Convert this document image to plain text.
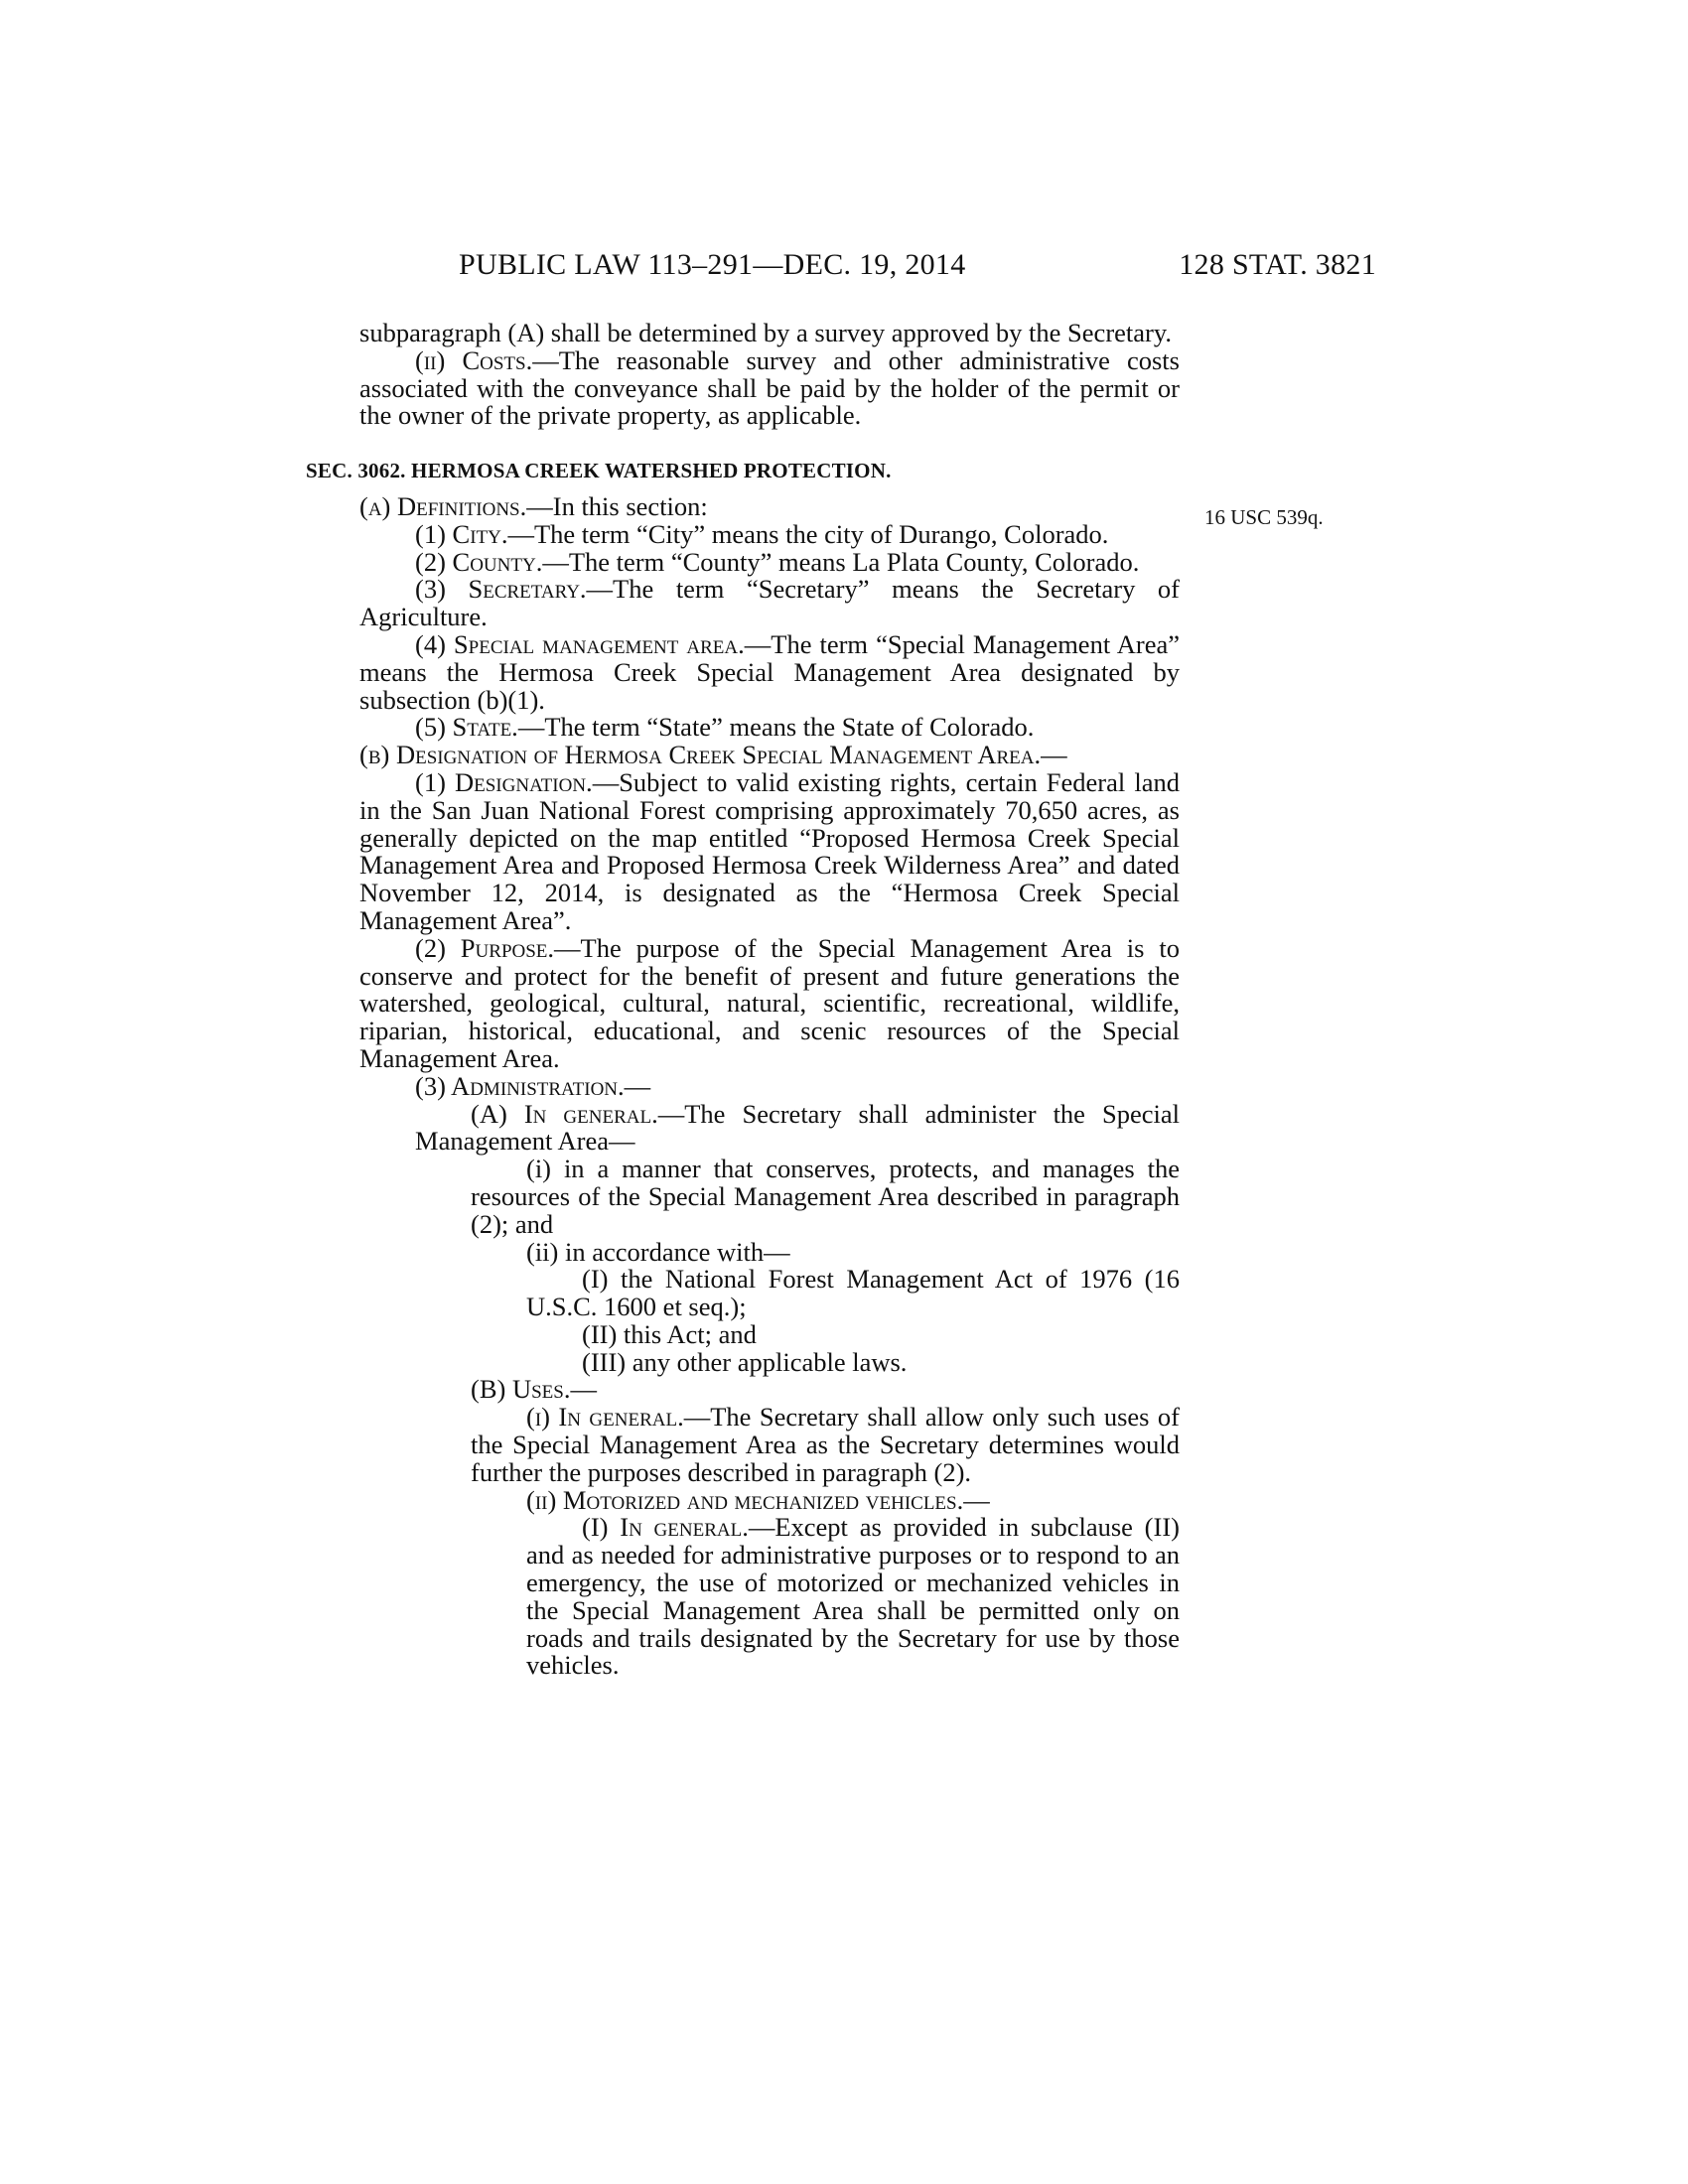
PUBLIC LAW 113–291—DEC. 19, 2014	128 STAT. 3821
16 USC 539q.

subparagraph (A) shall be determined by a survey approved by the Secretary.

(ii) Costs.—The reasonable survey and other administrative costs associated with the conveyance shall be paid by the holder of the permit or the owner of the private property, as applicable.

SEC. 3062. HERMOSA CREEK WATERSHED PROTECTION.

(a) Definitions.—In this section:

(1) City.—The term “City” means the city of Durango, Colorado.

(2) County.—The term “County” means La Plata County, Colorado.

(3) Secretary.—The term “Secretary” means the Secretary of Agriculture.

(4) Special management area.—The term “Special Management Area” means the Hermosa Creek Special Management Area designated by subsection (b)(1).

(5) State.—The term “State” means the State of Colorado.

(b) Designation of Hermosa Creek Special Management Area.—

(1) Designation.—Subject to valid existing rights, certain Federal land in the San Juan National Forest comprising approximately 70,650 acres, as generally depicted on the map entitled “Proposed Hermosa Creek Special Management Area and Proposed Hermosa Creek Wilderness Area” and dated November 12, 2014, is designated as the “Hermosa Creek Special Management Area”.

(2) Purpose.—The purpose of the Special Management Area is to conserve and protect for the benefit of present and future generations the watershed, geological, cultural, natural, scientific, recreational, wildlife, riparian, historical, educational, and scenic resources of the Special Management Area.

(3) Administration.—

(A) In general.—The Secretary shall administer the Special Management Area—

(i) in a manner that conserves, protects, and manages the resources of the Special Management Area described in paragraph (2); and

(ii) in accordance with—

(I) the National Forest Management Act of 1976 (16 U.S.C. 1600 et seq.);

(II) this Act; and

(III) any other applicable laws.

(B) Uses.—

(i) In general.—The Secretary shall allow only such uses of the Special Management Area as the Secretary determines would further the purposes described in paragraph (2).

(ii) Motorized and mechanized vehicles.—

(I) In general.—Except as provided in subclause (II) and as needed for administrative purposes or to respond to an emergency, the use of motorized or mechanized vehicles in the Special Management Area shall be permitted only on roads and trails designated by the Secretary for use by those vehicles.
